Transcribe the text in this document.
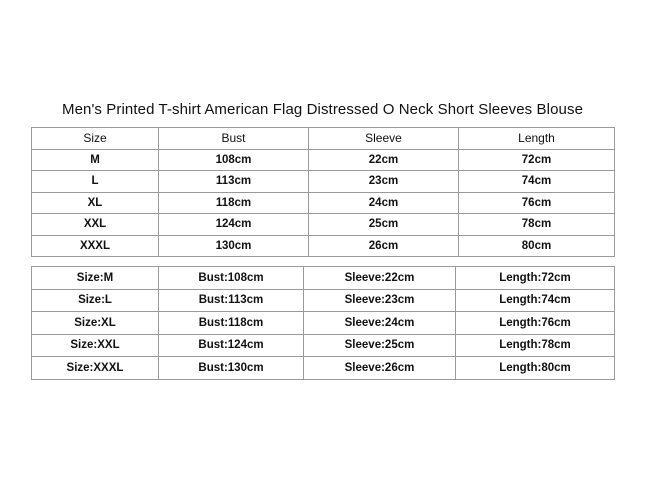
Men's Printed T-shirt American Flag Distressed O Neck Short Sleeves Blouse
Size	Bust	Sleeve	Length
M	108cm	22cm	72cm
L	113cm	23cm	74cm
XL	118cm	24cm	76cm
XXL	124cm	25cm	78cm
XXXL	130cm	26cm	80cm
Size:M	Bust:108cm	Sleeve:22cm	Length:72cm
Size:L	Bust:113cm	Sleeve:23cm	Length:74cm
Size:XL	Bust:118cm	Sleeve:24cm	Length:76cm
Size:XXL	Bust:124cm	Sleeve:25cm	Length:78cm
Size:XXXL	Bust:130cm	Sleeve:26cm	Length:80cm
